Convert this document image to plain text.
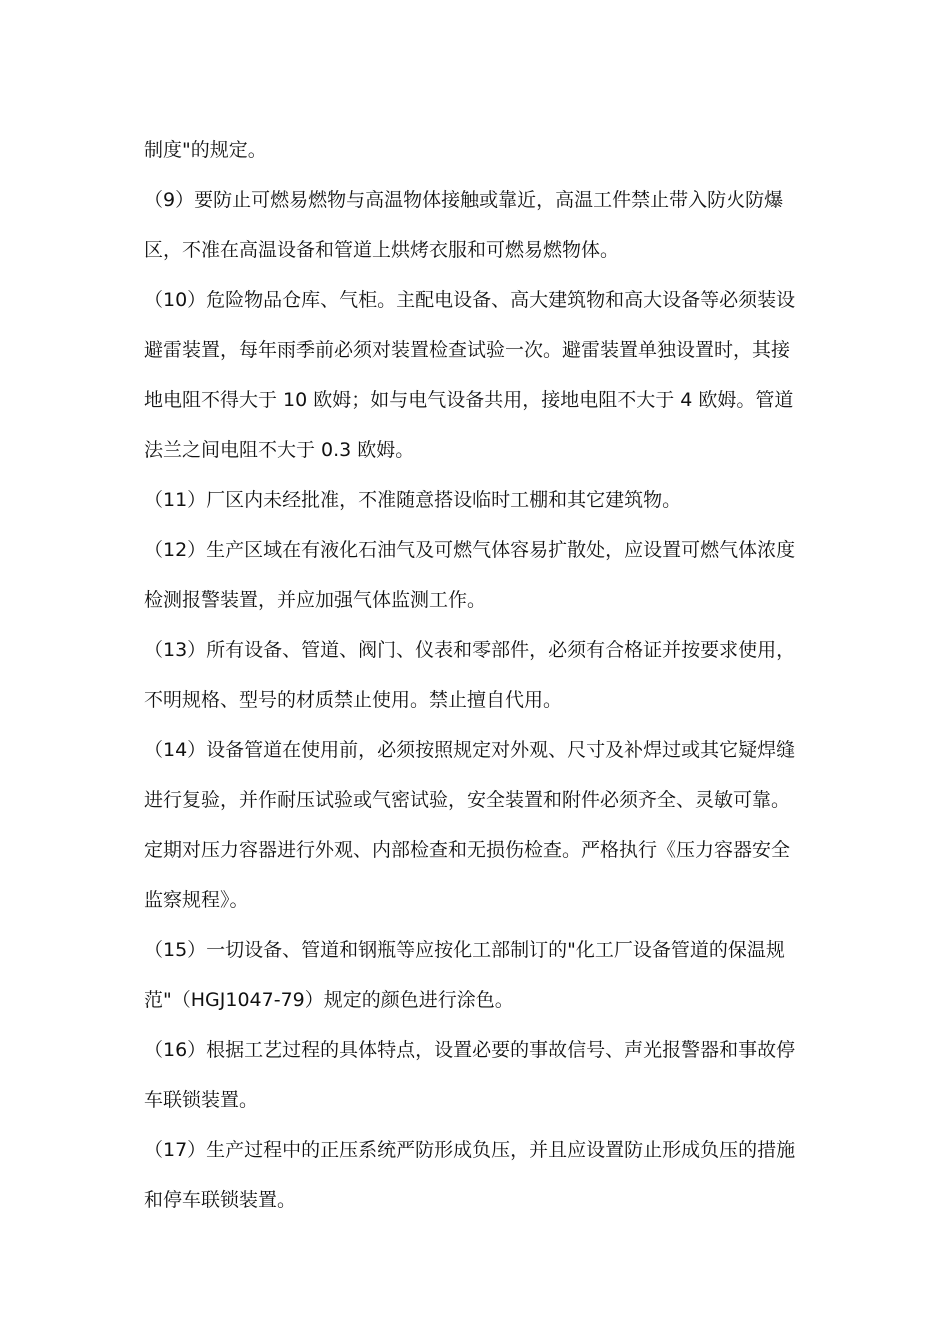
制度"的规定。
（9）要防止可燃易燃物与高温物体接触或靠近，高温工件禁止带入防火防爆
区，不准在高温设备和管道上烘烤衣服和可燃易燃物体。
（10）危险物品仓库、气柜。主配电设备、高大建筑物和高大设备等必须装设
避雷装置，每年雨季前必须对装置检查试验一次。避雷装置单独设置时，其接
地电阻不得大于 10 欧姆；如与电气设备共用，接地电阻不大于 4 欧姆。管道
法兰之间电阻不大于 0.3 欧姆。
（11）厂区内未经批准，不准随意搭设临时工棚和其它建筑物。
（12）生产区域在有液化石油气及可燃气体容易扩散处，应设置可燃气体浓度
检测报警装置，并应加强气体监测工作。
（13）所有设备、管道、阀门、仪表和零部件，必须有合格证并按要求使用，
不明规格、型号的材质禁止使用。禁止擅自代用。
（14）设备管道在使用前，必须按照规定对外观、尺寸及补焊过或其它疑焊缝
进行复验，并作耐压试验或气密试验，安全装置和附件必须齐全、灵敏可靠。
定期对压力容器进行外观、内部检查和无损伤检查。严格执行《压力容器安全
监察规程》。
（15）一切设备、管道和钢瓶等应按化工部制订的"化工厂设备管道的保温规
范"（HGJ1047-79）规定的颜色进行涂色。
（16）根据工艺过程的具体特点，设置必要的事故信号、声光报警器和事故停
车联锁装置。
（17）生产过程中的正压系统严防形成负压，并且应设置防止形成负压的措施
和停车联锁装置。
